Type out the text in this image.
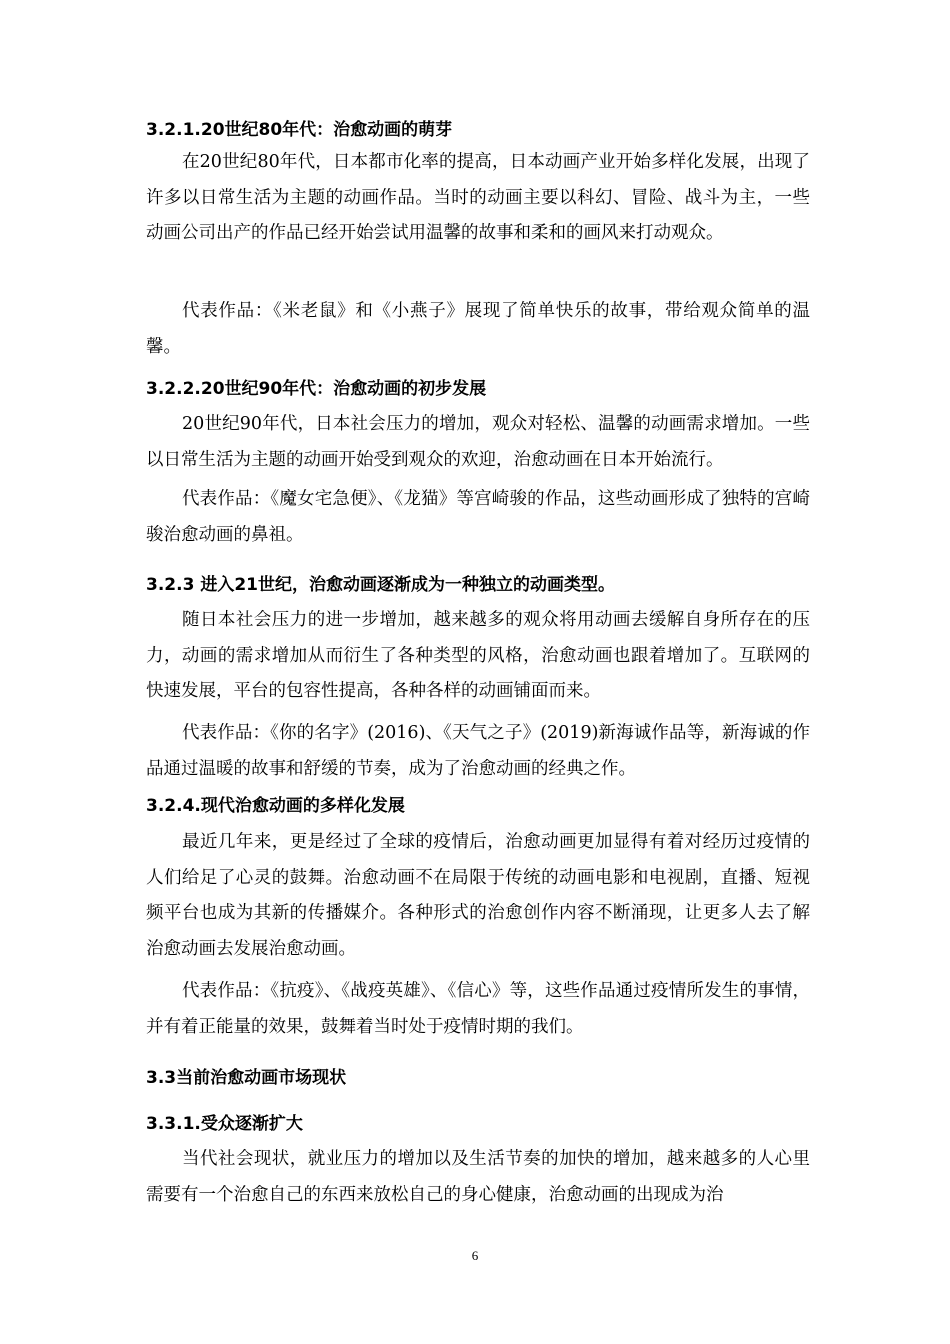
3.2.1.20世纪80年代：治愈动画的萌芽

在20世纪80年代，日本都市化率的提高，日本动画产业开始多样化发展，出现了许多以日常生活为主题的动画作品。当时的动画主要以科幻、冒险、战斗为主，一些动画公司出产的作品已经开始尝试用温馨的故事和柔和的画风来打动观众。

代表作品：《米老鼠》和《小燕子》展现了简单快乐的故事，带给观众简单的温馨。

3.2.2.20世纪90年代：治愈动画的初步发展

20世纪90年代，日本社会压力的增加，观众对轻松、温馨的动画需求增加。一些以日常生活为主题的动画开始受到观众的欢迎，治愈动画在日本开始流行。

代表作品：《魔女宅急便》、《龙猫》等宫崎骏的作品，这些动画形成了独特的宫崎骏治愈动画的鼻祖。

3.2.3 进入21世纪，治愈动画逐渐成为一种独立的动画类型。

随日本社会压力的进一步增加，越来越多的观众将用动画去缓解自身所存在的压力，动画的需求增加从而衍生了各种类型的风格，治愈动画也跟着增加了。互联网的快速发展，平台的包容性提高，各种各样的动画铺面而来。

代表作品：《你的名字》(2016)、《天气之子》(2019)新海诚作品等，新海诚的作品通过温暖的故事和舒缓的节奏，成为了治愈动画的经典之作。

3.2.4.现代治愈动画的多样化发展

最近几年来，更是经过了全球的疫情后，治愈动画更加显得有着对经历过疫情的人们给足了心灵的鼓舞。治愈动画不在局限于传统的动画电影和电视剧，直播、短视频平台也成为其新的传播媒介。各种形式的治愈创作内容不断涌现，让更多人去了解治愈动画去发展治愈动画。

代表作品：《抗疫》、《战疫英雄》、《信心》等，这些作品通过疫情所发生的事情，并有着正能量的效果，鼓舞着当时处于疫情时期的我们。

3.3当前治愈动画市场现状
3.3.1.受众逐渐扩大

当代社会现状，就业压力的增加以及生活节奏的加快的增加，越来越多的人心里需要有一个治愈自己的东西来放松自己的身心健康，治愈动画的出现成为治

6
